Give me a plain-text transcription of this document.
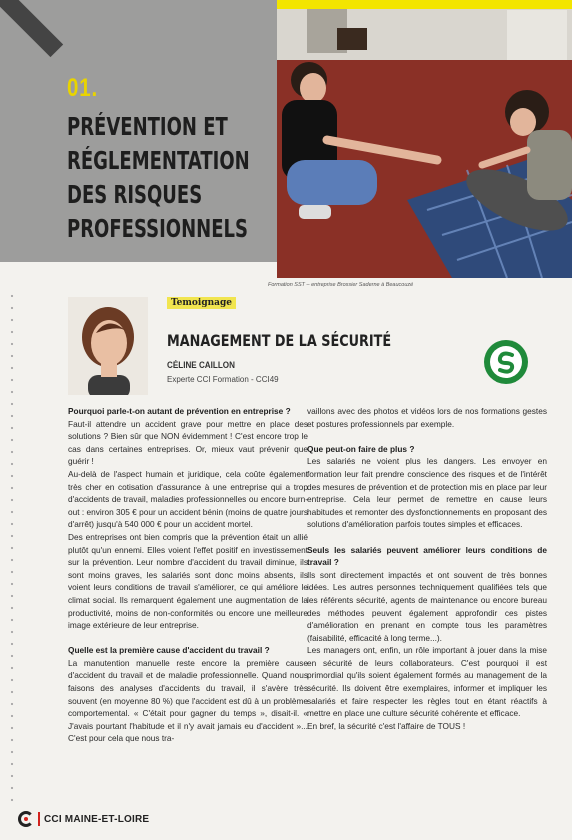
01.
PRÉVENTION ET
RÉGLEMENTATION
DES RISQUES
PROFESSIONNELS
Formation SST – entreprise Brossier Saderne à Beaucouzé
Temoignage
MANAGEMENT DE LA SÉCURITÉ
CÉLINE CAILLON
Experte CCI Formation - CCI49

Pourquoi parle-t-on autant de prévention en entreprise ?

Faut-il attendre un accident grave pour mettre en place des solutions ? Bien sûr que NON évidemment ! C'est encore trop le cas dans certaines entreprises. Or, mieux vaut prévenir que guérir !

Au-delà de l'aspect humain et juridique, cela coûte également très cher en cotisation d'assurance à une entreprise qui a trop d'accidents de travail, maladies professionnelles ou encore burn-out : environ 305 € pour un accident bénin (moins de quatre jours d'arrêt) jusqu'à 540 000 € pour un accident mortel.

Des entreprises ont bien compris que la prévention était un allié plutôt qu'un ennemi. Elles voient l'effet positif en investissement sur la prévention. Leur nombre d'accident du travail diminue, ils sont moins graves, les salariés sont donc moins absents, ils voient leurs conditions de travail s'améliorer, ce qui améliore le climat social. Ils remarquent également une augmentation de la productivité, moins de non-conformités ou encore une meilleure image extérieure de leur entreprise.

Quelle est la première cause d'accident du travail ?

La manutention manuelle reste encore la première cause d'accident du travail et de maladie professionnelle. Quand nous faisons des analyses d'accidents du travail, il s'avère très souvent (en moyenne 80 %) que l'accident est dû à un problème comportemental. « C'était pour gagner du temps », disait-il. « J'avais pourtant l'habitude et il n'y avait jamais eu d'accident »... C'est pour cela que nous tra-

vaillons avec des photos et vidéos lors de nos formations gestes et postures professionnels par exemple.

Que peut-on faire de plus ?

Les salariés ne voient plus les dangers. Les envoyer en formation leur fait prendre conscience des risques et de l'intérêt des mesures de prévention et de protection mis en place par leur entreprise. Cela leur permet de remettre en cause leurs habitudes et remonter des dysfonctionnements en proposant des solutions d'amélioration parfois toutes simples et efficaces.

Seuls les salariés peuvent améliorer leurs conditions de travail ?

Ils sont directement impactés et ont souvent de très bonnes idées. Les autres personnes techniquement qualifiées tels que les référents sécurité, agents de maintenance ou encore bureau des méthodes peuvent également approfondir ces pistes d'amélioration en prenant en compte tous les paramètres (faisabilité, efficacité à long terme...).

Les managers ont, enfin, un rôle important à jouer dans la mise en sécurité de leurs collaborateurs. C'est pourquoi il est primordial qu'ils soient également formés au management de la sécurité. Ils doivent être exemplaires, informer et impliquer les salariés et faire respecter les règles tout en étant réactifs à mettre en place une culture sécurité cohérente et efficace.

En bref, la sécurité c'est l'affaire de TOUS !

CCI MAINE-ET-LOIRE
